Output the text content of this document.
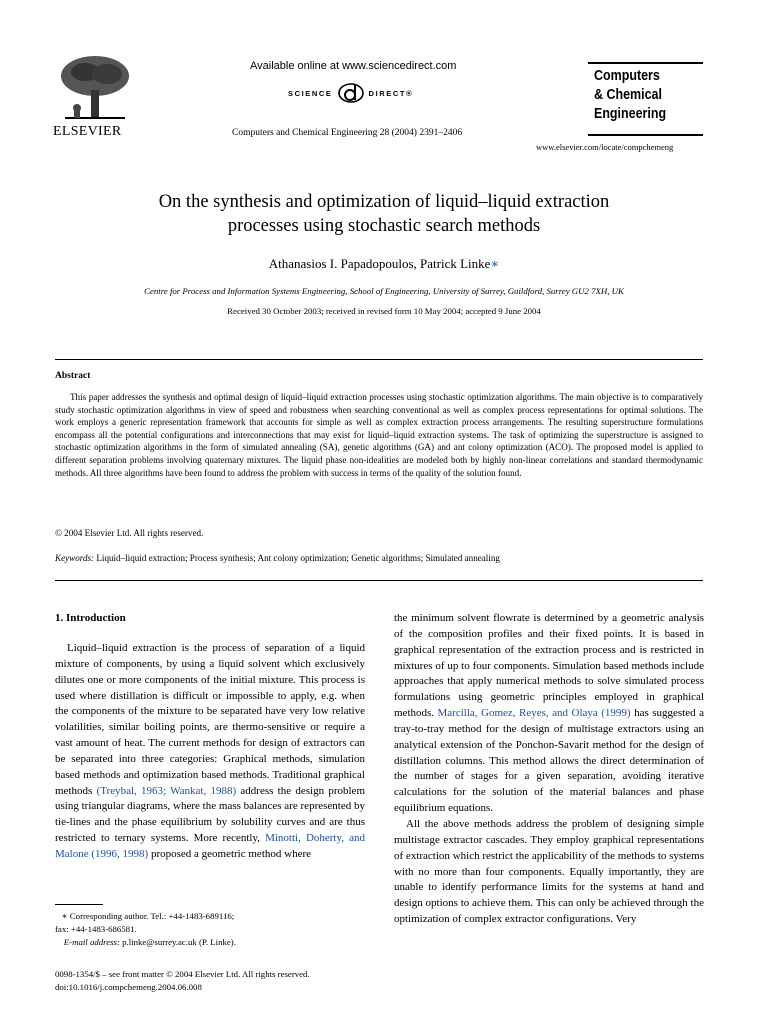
ELSEVIER
Available online at www.sciencedirect.com
SCIENCE	DIRECT ®
Computers and Chemical Engineering 28 (2004) 2391–2406
Computers
& Chemical
Engineering
www.elsevier.com/locate/compchemeng
On the synthesis and optimization of liquid–liquid extraction
processes using stochastic search methods
Athanasios I. Papadopoulos, Patrick Linke∗
Centre for Process and Information Systems Engineering, School of Engineering, University of Surrey, Guildford, Surrey GU2 7XH, UK
Received 30 October 2003; received in revised form 10 May 2004; accepted 9 June 2004
Abstract
This paper addresses the synthesis and optimal design of liquid–liquid extraction processes using stochastic optimization algorithms. The main objective is to comparatively study stochastic optimization algorithms in view of speed and robustness when searching conventional as well as complex process representations for optimal solutions. The work employs a generic representation framework that accounts for simple as well as complex extraction process arrangements. The resulting superstructure formulations encompass all the potential configurations and interconnections that may exist for liquid–liquid extraction systems. The task of optimizing the superstructure is assigned to stochastic optimization algorithms in the form of simulated annealing (SA), genetic algorithms (GA) and ant colony optimization (ACO). The proposed model is applied to different separation problems involving quaternary mixtures. The liquid phase non-idealities are modeled both by highly non-linear correlations and standard thermodynamic methods. All three algorithms have been found to address the problem with success in terms of the quality of the solution found.
© 2004 Elsevier Ltd. All rights reserved.
Keywords: Liquid–liquid extraction; Process synthesis; Ant colony optimization; Genetic algorithms; Simulated annealing
1. Introduction
Liquid–liquid extraction is the process of separation of a liquid mixture of components, by using a liquid solvent which exclusively dilutes one or more components of the initial mixture. This process is used where distillation is difficult or impossible to apply, e.g. when the components of the mixture to be separated have very low relative volatilities, similar boiling points, are thermo-sensitive or require a vast amount of heat. The current methods for design of extractors can be separated into three categories: Graphical methods, simulation based methods and optimization based methods. Traditional graphical methods (Treybal, 1963; Wankat, 1988) address the design problem using triangular diagrams, where the mass balances are represented by tie-lines and the phase equilibrium by solubility curves and are thus restricted to ternary systems. More recently, Minotti, Doherty, and Malone (1996, 1998) proposed a geometric method where

the minimum solvent flowrate is determined by a geometric analysis of the composition profiles and their fixed points. It is based in graphical representation of the extraction process and is restricted in mixtures of up to four components. Simulation based methods include approaches that apply numerical methods to solve simulated process formulations using geometric principles employed in graphical methods. Marcilla, Gomez, Reyes, and Olaya (1999) has suggested a tray-to-tray method for the design of multistage extractors using an analytical extension of the Ponchon-Savarit method for the design of distillation columns. This method allows the direct determination of the number of stages for a given separation, avoiding iterative calculations for the solution of the material balances and phase equilibrium equations.

All the above methods address the problem of designing simple multistage extractor cascades. They employ graphical representations of extraction which restrict the applicability of the methods to systems with no more than four components. Equally importantly, they are unable to identify performance limits for the systems at hand and design options to achieve them. This can only be achieved through the optimization of complex extractor configurations. Very

∗ Corresponding author. Tel.: +44-1483-689116;
fax: +44-1483-686581.
E-mail address: p.linke@surrey.ac.uk (P. Linke).
0098-1354/$ – see front matter © 2004 Elsevier Ltd. All rights reserved.
doi:10.1016/j.compchemeng.2004.06.008
